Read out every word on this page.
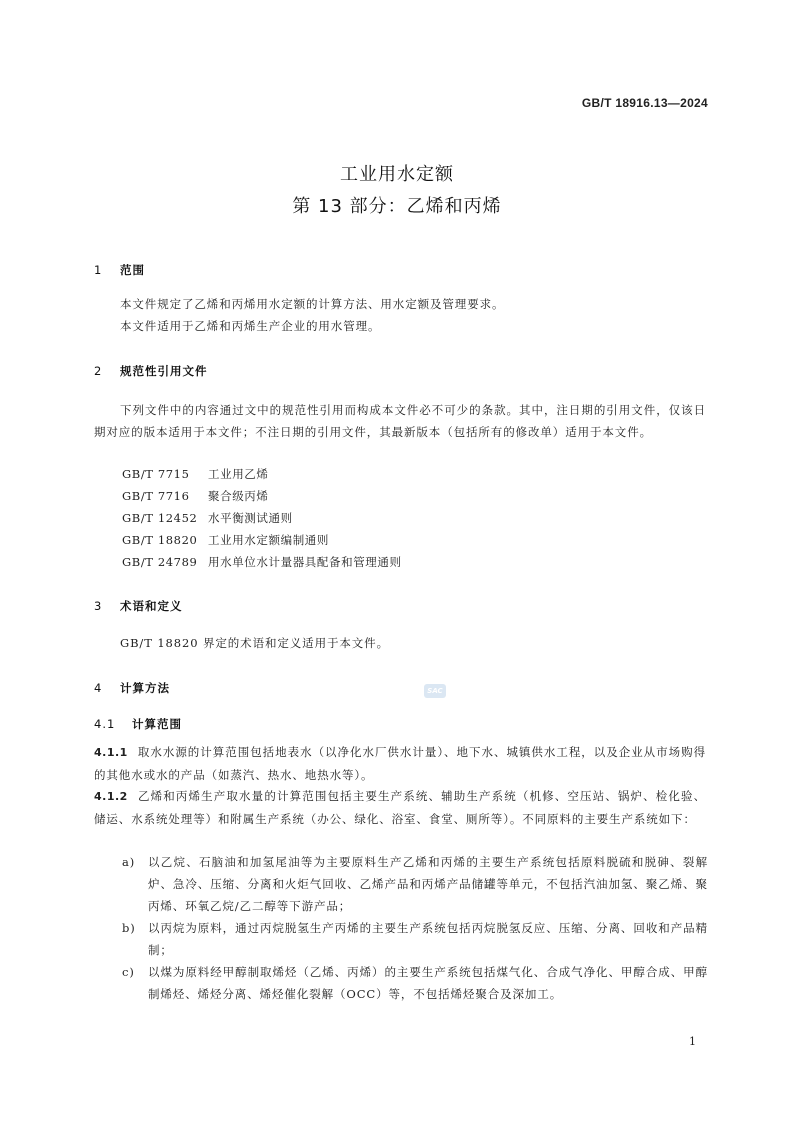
GB/T 18916.13—2024
工业用水定额
第 13 部分：乙烯和丙烯
1 范围
本文件规定了乙烯和丙烯用水定额的计算方法、用水定额及管理要求。
本文件适用于乙烯和丙烯生产企业的用水管理。
2 规范性引用文件
下列文件中的内容通过文中的规范性引用而构成本文件必不可少的条款。其中，注日期的引用文件，仅该日期对应的版本适用于本文件；不注日期的引用文件，其最新版本（包括所有的修改单）适用于本文件。
GB/T 7715 工业用乙烯
GB/T 7716 聚合级丙烯
GB/T 12452 水平衡测试通则
GB/T 18820 工业用水定额编制通则
GB/T 24789 用水单位水计量器具配备和管理通则
3 术语和定义
GB/T 18820 界定的术语和定义适用于本文件。
4 计算方法	SAC
4.1 计算范围
4.1.1 取水水源的计算范围包括地表水（以净化水厂供水计量）、地下水、城镇供水工程，以及企业从市场购得的其他水或水的产品（如蒸汽、热水、地热水等）。
4.1.2 乙烯和丙烯生产取水量的计算范围包括主要生产系统、辅助生产系统（机修、空压站、锅炉、检化验、储运、水系统处理等）和附属生产系统（办公、绿化、浴室、食堂、厕所等）。不同原料的主要生产系统如下：
a) 以乙烷、石脑油和加氢尾油等为主要原料生产乙烯和丙烯的主要生产系统包括原料脱硫和脱砷、裂解炉、急冷、压缩、分离和火炬气回收、乙烯产品和丙烯产品储罐等单元，不包括汽油加氢、聚乙烯、聚丙烯、环氧乙烷/乙二醇等下游产品；
b) 以丙烷为原料，通过丙烷脱氢生产丙烯的主要生产系统包括丙烷脱氢反应、压缩、分离、回收和产品精制；
c) 以煤为原料经甲醇制取烯烃（乙烯、丙烯）的主要生产系统包括煤气化、合成气净化、甲醇合成、甲醇制烯烃、烯烃分离、烯烃催化裂解（OCC）等，不包括烯烃聚合及深加工。
1
